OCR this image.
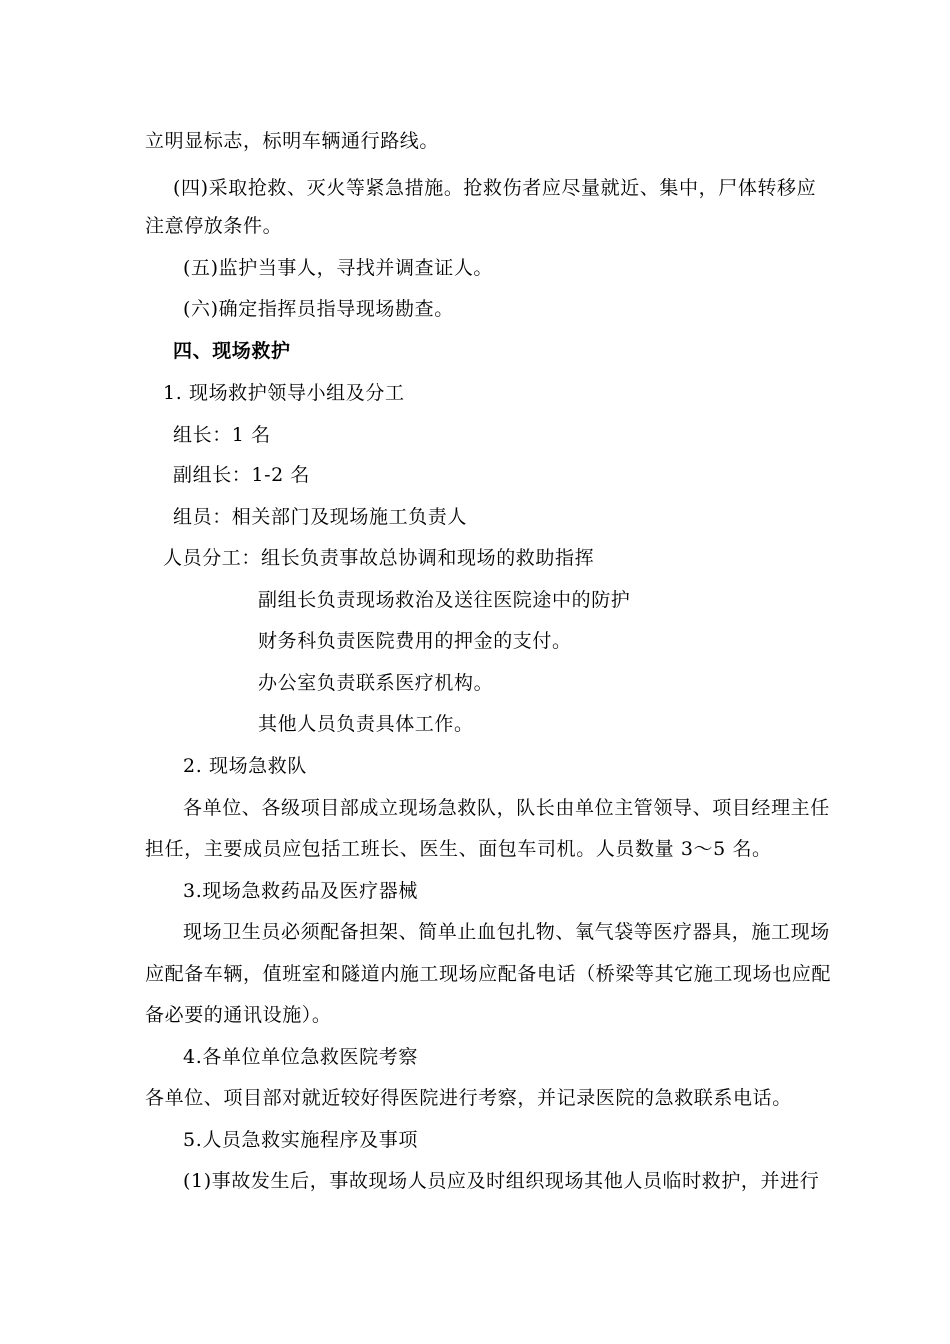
立明显标志，标明车辆通行路线。
(四)采取抢救、灭火等紧急措施。抢救伤者应尽量就近、集中，尸体转移应
注意停放条件。
(五)监护当事人，寻找并调查证人。
(六)确定指挥员指导现场勘查。
四、现场救护
1. 现场救护领导小组及分工
组长：1 名
副组长：1-2 名
组员：相关部门及现场施工负责人
人员分工：组长负责事故总协调和现场的救助指挥
副组长负责现场救治及送往医院途中的防护
财务科负责医院费用的押金的支付。
办公室负责联系医疗机构。
其他人员负责具体工作。
2. 现场急救队
各单位、各级项目部成立现场急救队，队长由单位主管领导、项目经理主任
担任，主要成员应包括工班长、医生、面包车司机。人员数量 3～5 名。
3.现场急救药品及医疗器械
现场卫生员必须配备担架、简单止血包扎物、氧气袋等医疗器具，施工现场
应配备车辆，值班室和隧道内施工现场应配备电话（桥梁等其它施工现场也应配
备必要的通讯设施）。
4.各单位单位急救医院考察
各单位、项目部对就近较好得医院进行考察，并记录医院的急救联系电话。
5.人员急救实施程序及事项
(1)事故发生后，事故现场人员应及时组织现场其他人员临时救护，并进行
